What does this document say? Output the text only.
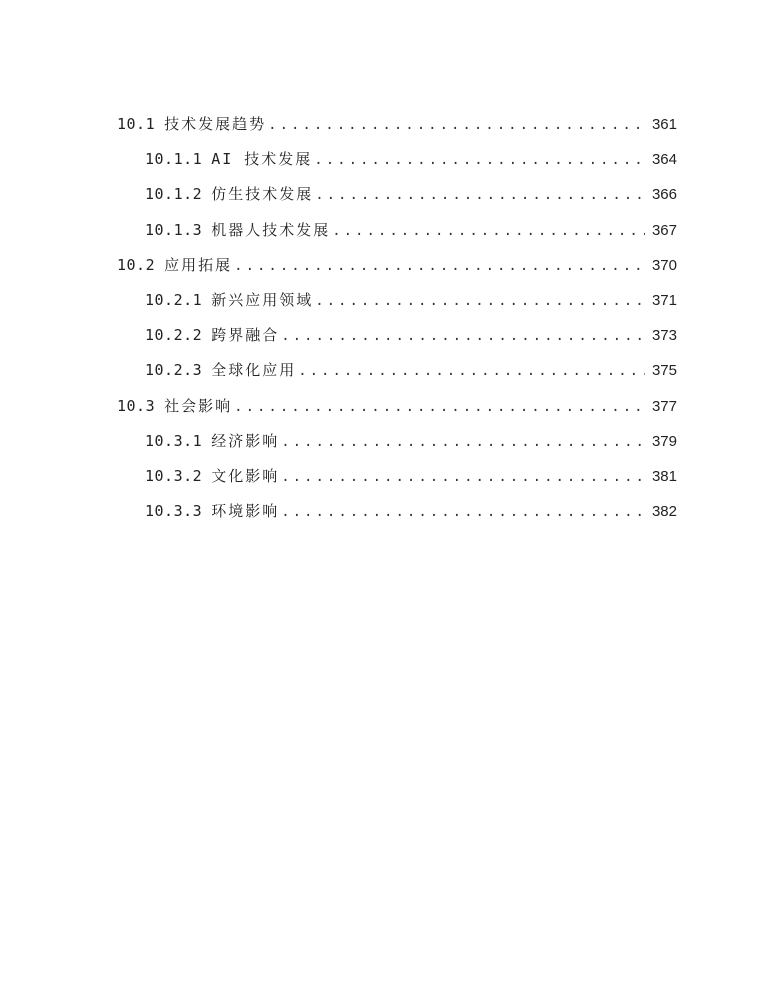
10.1 技术发展趋势 .....	361
10.1.1 AI 技术发展 .....	364
10.1.2 仿生技术发展 .....	366
10.1.3 机器人技术发展 .....	367
10.2 应用拓展 .....	370
10.2.1 新兴应用领域 .....	371
10.2.2 跨界融合 .....	373
10.2.3 全球化应用 .....	375
10.3 社会影响 .....	377
10.3.1 经济影响 .....	379
10.3.2 文化影响 .....	381
10.3.3 环境影响 .....	382
